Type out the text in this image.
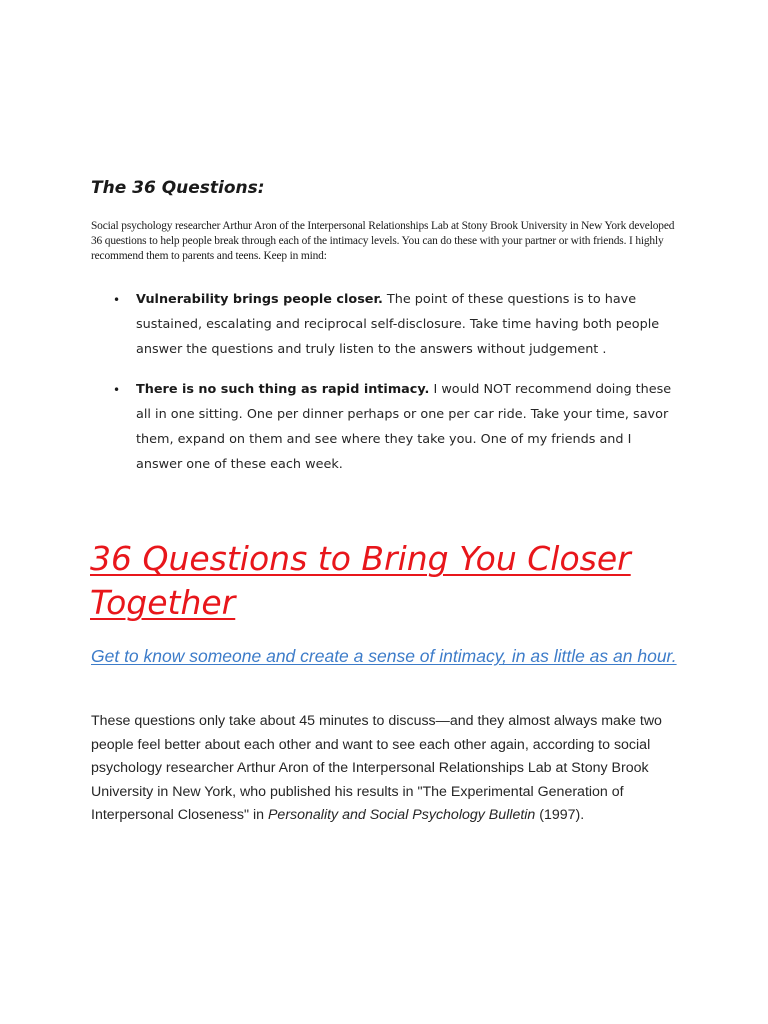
The 36 Questions:

Social psychology researcher Arthur Aron of the Interpersonal Relationships Lab at Stony Brook University in New York developed 36 questions to help people break through each of the intimacy levels. You can do these with your partner or with friends. I highly recommend them to parents and teens. Keep in mind:

• Vulnerability brings people closer. The point of these questions is to have sustained, escalating and reciprocal self-disclosure. Take time having both people answer the questions and truly listen to the answers without judgement .
• There is no such thing as rapid intimacy. I would NOT recommend doing these all in one sitting. One per dinner perhaps or one per car ride. Take your time, savor them, expand on them and see where they take you. One of my friends and I answer one of these each week.
36 Questions to Bring You Closer Together

Get to know someone and create a sense of intimacy, in as little as an hour.

These questions only take about 45 minutes to discuss—and they almost always make two people feel better about each other and want to see each other again, according to social psychology researcher Arthur Aron of the Interpersonal Relationships Lab at Stony Brook University in New York, who published his results in "The Experimental Generation of Interpersonal Closeness" in Personality and Social Psychology Bulletin (1997).
